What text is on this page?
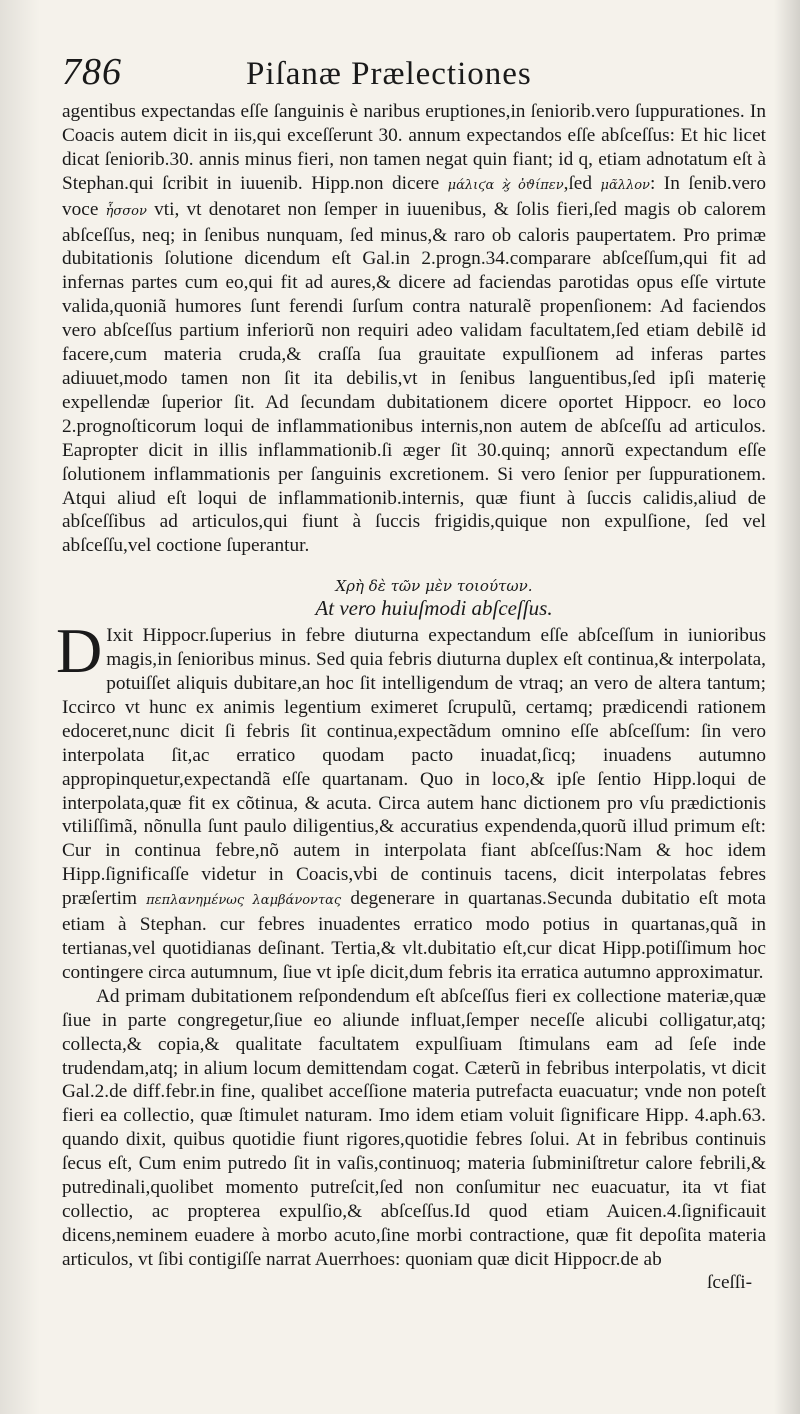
786	Piſanæ Prælectiones
agentibus expectandas eſſe ſanguinis è naribus eruptiones,in ſeniorib.vero ſuppurationes. In Coacis autem dicit in iis,qui exceſſerunt 30. annum expectandos eſſe abſceſſus: Et hic licet dicat ſeniorib.30. annis minus fieri, non tamen negat quin fiant; id q, etiam adnotatum eſt à Stephan.qui ſcribit in iuuenib. Hipp.non dicere μάλιϛα ϗ̀ ὀϑίπεν,ſed μᾶλλον: In ſenib.vero voce ἧσσον vti, vt denotaret non ſemper in iuuenibus, & ſolis fieri,ſed magis ob calorem abſceſſus, neq; in ſenibus nunquam, ſed minus,& raro ob caloris paupertatem. Pro primæ dubitationis ſolutione dicendum eſt Gal.in 2.progn.34.comparare abſceſſum,qui fit ad infernas partes cum eo,qui fit ad aures,& dicere ad faciendas parotidas opus eſſe virtute valida,quoniã humores ſunt ferendi ſurſum contra naturalẽ propenſionem: Ad faciendos vero abſceſſus partium inferiorũ non requiri adeo validam facultatem,ſed etiam debilẽ id facere,cum materia cruda,& craſſa ſua grauitate expulſionem ad inferas partes adiuuet,modo tamen non ſit ita debilis,vt in ſenibus languentibus,ſed ipſi materię expellendæ ſuperior ſit. Ad ſecundam dubitationem dicere oportet Hippocr. eo loco 2.prognoſticorum loqui de inflammationibus internis,non autem de abſceſſu ad articulos. Eapropter dicit in illis inflammationib.ſi æger ſit 30.quinq; annorũ expectandum eſſe ſolutionem inflammationis per ſanguinis excretionem. Si vero ſenior per ſuppurationem. Atqui aliud eſt loqui de inflammationib.internis, quæ fiunt à ſuccis calidis,aliud de abſceſſibus ad articulos,qui fiunt à ſuccis frigidis,quique non expulſione, ſed vel abſceſſu,vel coctione ſuperantur.
Χρὴ δὲ τῶν μὲν τοιούτων.
At vero huiuſmodi abſceſſus.
D Ixit Hippocr.ſuperius in febre diuturna expectandum eſſe abſceſſum in iunioribus magis,in ſenioribus minus. Sed quia febris diuturna duplex eſt continua,& interpolata, potuiſſet aliquis dubitare,an hoc ſit intelligendum de vtraq; an vero de altera tantum; Iccirco vt hunc ex animis legentium eximeret ſcrupulũ, certamq; prædicendi rationem edoceret,nunc dicit ſi febris ſit continua,expectãdum omnino eſſe abſceſſum: ſin vero interpolata ſit,ac erratico quodam pacto inuadat,ſicq; inuadens autumno appropinquetur,expectandã eſſe quartanam. Quo in loco,& ipſe ſentio Hipp.loqui de interpolata,quæ fit ex cõtinua, & acuta. Circa autem hanc dictionem pro vſu prædictionis vtiliſſimã, nõnulla ſunt paulo diligentius,& accuratius expendenda,quorũ illud primum eſt: Cur in continua febre,nõ autem in interpolata fiant abſceſſus:Nam & hoc idem Hipp.ſignificaſſe videtur in Coacis,vbi de continuis tacens, dicit interpolatas febres præſertim πεπλανημένως λαμβάνοντας degenerare in quartanas.Secunda dubitatio eſt mota etiam à Stephan. cur febres inuadentes erratico modo potius in quartanas,quã in tertianas,vel quotidianas deſinant. Tertia,& vlt.dubitatio eſt,cur dicat Hipp.potiſſimum hoc contingere circa autumnum, ſiue vt ipſe dicit,dum febris ita erratica autumno approximatur.
Ad primam dubitationem reſpondendum eſt abſceſſus fieri ex collectione materiæ,quæ ſiue in parte congregetur,ſiue eo aliunde influat,ſemper neceſſe alicubi colligatur,atq; collecta,& copia,& qualitate facultatem expulſiuam ſtimulans eam ad ſeſe inde trudendam,atq; in alium locum demittendam cogat. Cæterũ in febribus interpolatis, vt dicit Gal.2.de diff.febr.in fine, qualibet acceſſione materia putrefacta euacuatur; vnde non poteſt fieri ea collectio, quæ ſtimulet naturam. Imo idem etiam voluit ſignificare Hipp. 4.aph.63. quando dixit, quibus quotidie fiunt rigores,quotidie febres ſolui. At in febribus continuis ſecus eſt, Cum enim putredo ſit in vaſis,continuoq; materia ſubminiſtretur calore febrili,& putredinali,quolibet momento putreſcit,ſed non conſumitur nec euacuatur, ita vt fiat collectio, ac propterea expulſio,& abſceſſus.Id quod etiam Auicen.4.ſignificauit dicens,neminem euadere à morbo acuto,ſine morbi contractione, quæ fit depoſita materia articulos, vt ſibi contigiſſe narrat Auerrhoes: quoniam quæ dicit Hippocr.de ab
ſceſſi-
